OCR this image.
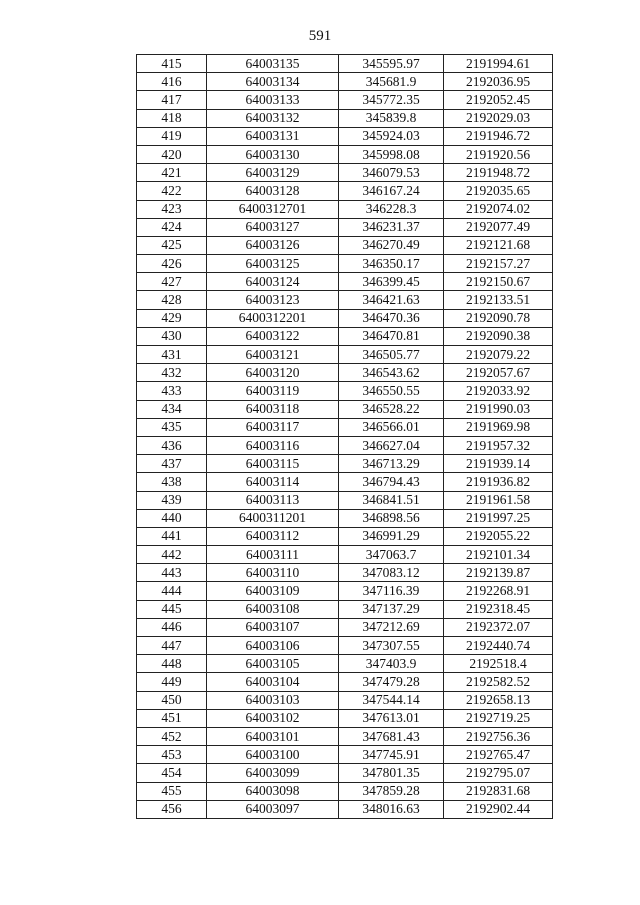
591
415	64003135	345595.97	2191994.61
416	64003134	345681.9	2192036.95
417	64003133	345772.35	2192052.45
418	64003132	345839.8	2192029.03
419	64003131	345924.03	2191946.72
420	64003130	345998.08	2191920.56
421	64003129	346079.53	2191948.72
422	64003128	346167.24	2192035.65
423	6400312701	346228.3	2192074.02
424	64003127	346231.37	2192077.49
425	64003126	346270.49	2192121.68
426	64003125	346350.17	2192157.27
427	64003124	346399.45	2192150.67
428	64003123	346421.63	2192133.51
429	6400312201	346470.36	2192090.78
430	64003122	346470.81	2192090.38
431	64003121	346505.77	2192079.22
432	64003120	346543.62	2192057.67
433	64003119	346550.55	2192033.92
434	64003118	346528.22	2191990.03
435	64003117	346566.01	2191969.98
436	64003116	346627.04	2191957.32
437	64003115	346713.29	2191939.14
438	64003114	346794.43	2191936.82
439	64003113	346841.51	2191961.58
440	6400311201	346898.56	2191997.25
441	64003112	346991.29	2192055.22
442	64003111	347063.7	2192101.34
443	64003110	347083.12	2192139.87
444	64003109	347116.39	2192268.91
445	64003108	347137.29	2192318.45
446	64003107	347212.69	2192372.07
447	64003106	347307.55	2192440.74
448	64003105	347403.9	2192518.4
449	64003104	347479.28	2192582.52
450	64003103	347544.14	2192658.13
451	64003102	347613.01	2192719.25
452	64003101	347681.43	2192756.36
453	64003100	347745.91	2192765.47
454	64003099	347801.35	2192795.07
455	64003098	347859.28	2192831.68
456	64003097	348016.63	2192902.44
